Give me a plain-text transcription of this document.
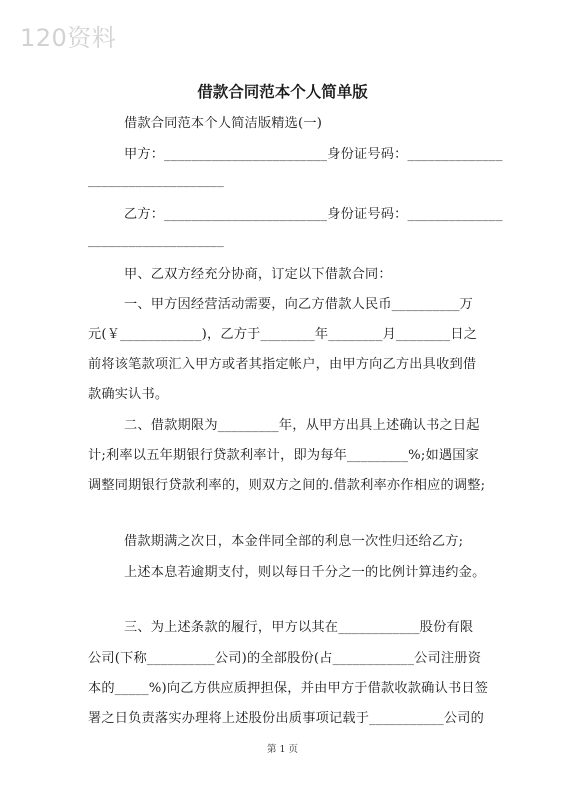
120资料
借款合同范本个人简单版
借款合同范本个人简洁版精选(一)
甲方：________________________身份证号码：______________
____________________
乙方：________________________身份证号码：______________
____________________
甲、乙双方经充分协商，订定以下借款合同：
一、甲方因经营活动需要，向乙方借款人民币__________万
元(￥____________)，乙方于________年________月________日之
前将该笔款项汇入甲方或者其指定帐户，由甲方向乙方出具收到借
款确实认书。
二、借款期限为_________年，从甲方出具上述确认书之日起
计;利率以五年期银行贷款利率计，即为每年_________%;如遇国家
调整同期银行贷款利率的，则双方之间的.借款利率亦作相应的调整;
借款期满之次日，本金伴同全部的利息一次性归还给乙方;
上述本息若逾期支付，则以每日千分之一的比例计算违约金。
三、为上述条款的履行，甲方以其在____________股份有限
公司(下称__________公司)的全部股份(占____________公司注册资
本的_____%)向乙方供应质押担保，并由甲方于借款收款确认书日签
署之日负责落实办理将上述股份出质事项记载于___________公司的
第 1 页
